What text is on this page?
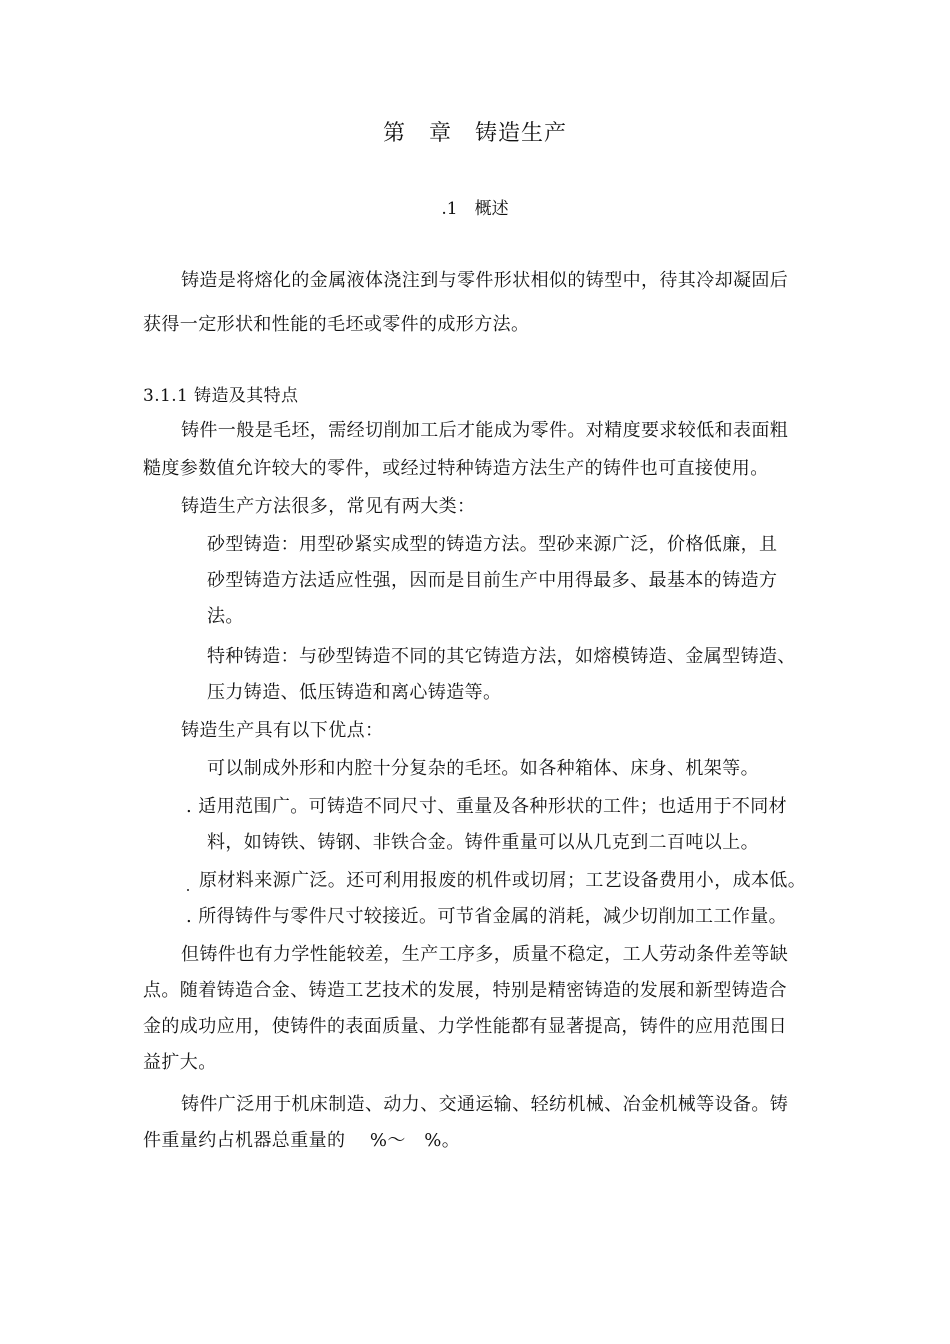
第　章　铸造生产
.1　概述
铸造是将熔化的金属液体浇注到与零件形状相似的铸型中，待其冷却凝固后
获得一定形状和性能的毛坯或零件的成形方法。
3.1.1 铸造及其特点
铸件一般是毛坯，需经切削加工后才能成为零件。对精度要求较低和表面粗
糙度参数值允许较大的零件，或经过特种铸造方法生产的铸件也可直接使用。
铸造生产方法很多，常见有两大类：
砂型铸造：用型砂紧实成型的铸造方法。型砂来源广泛，价格低廉，且
砂型铸造方法适应性强，因而是目前生产中用得最多、最基本的铸造方
法。
特种铸造：与砂型铸造不同的其它铸造方法，如熔模铸造、金属型铸造、
压力铸造、低压铸造和离心铸造等。
铸造生产具有以下优点：
可以制成外形和内腔十分复杂的毛坯。如各种箱体、床身、机架等。
. 适用范围广。可铸造不同尺寸、重量及各种形状的工件；也适用于不同材
料，如铸铁、铸钢、非铁合金。铸件重量可以从几克到二百吨以上。
原材料来源广泛。还可利用报废的机件或切屑；工艺设备费用小，成本低。
. 所得铸件与零件尺寸较接近。可节省金属的消耗，减少切削加工工作量。
但铸件也有力学性能较差，生产工序多，质量不稳定，工人劳动条件差等缺
点。随着铸造合金、铸造工艺技术的发展，特别是精密铸造的发展和新型铸造合
金的成功应用，使铸件的表面质量、力学性能都有显著提高，铸件的应用范围日
益扩大。
铸件广泛用于机床制造、动力、交通运输、轻纺机械、冶金机械等设备。铸
件重量约占机器总重量的　 %～　%。
